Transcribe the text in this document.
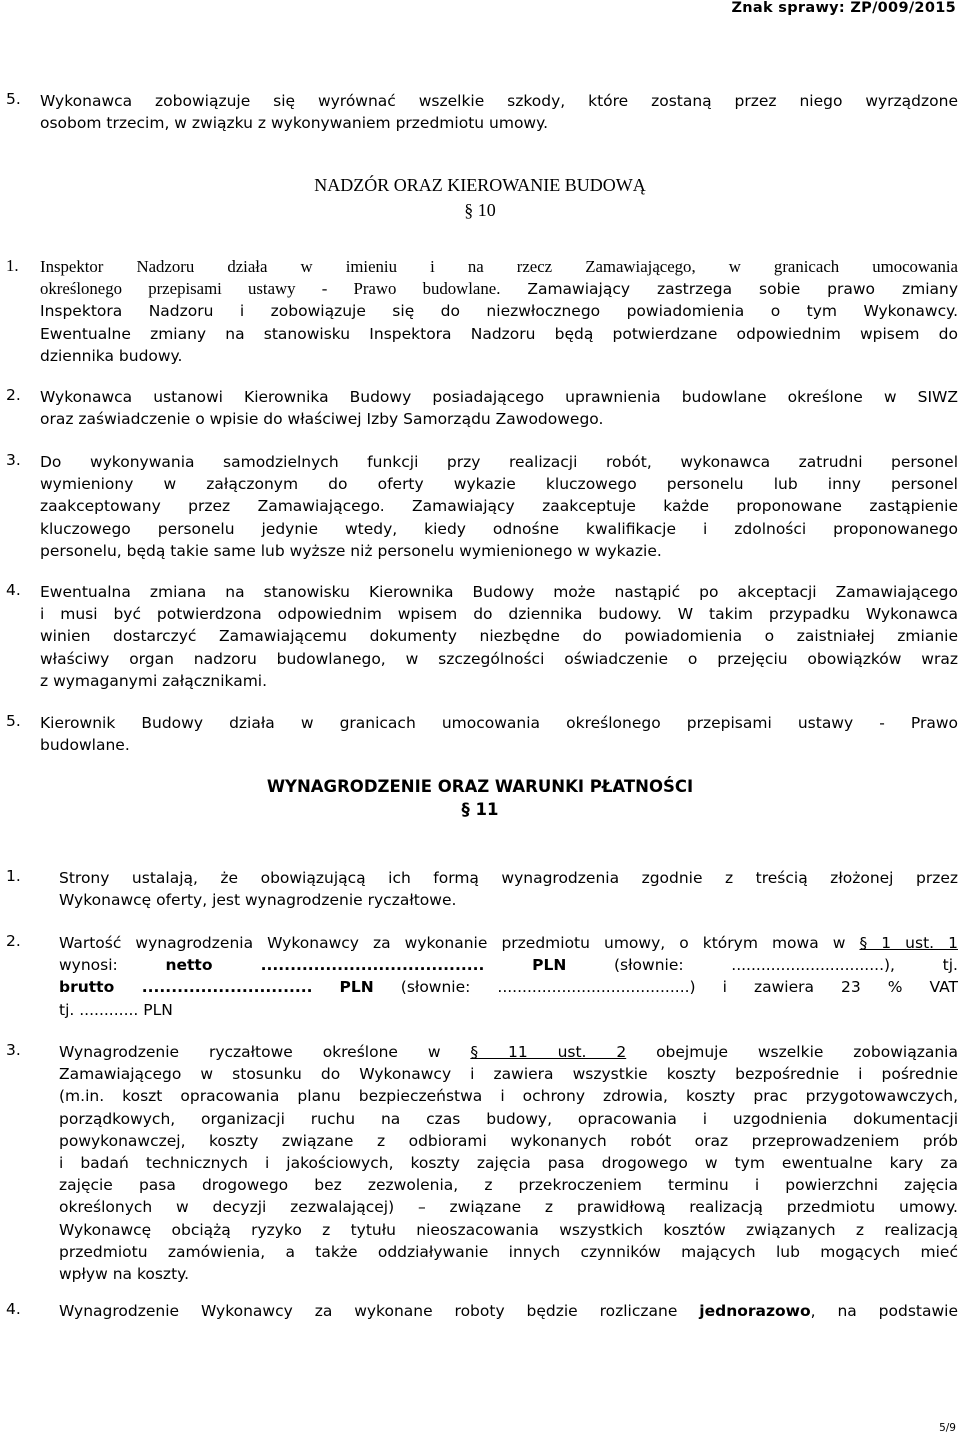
Znak sprawy: ZP/009/2015
5. Wykonawca zobowiązuje się wyrównać wszelkie szkody, które zostaną przez niego wyrządzone
osobom trzecim, w związku z wykonywaniem przedmiotu umowy.
NADZÓR ORAZ KIEROWANIE BUDOWĄ
§ 10
1. Inspektor Nadzoru działa w imieniu i na rzecz Zamawiającego, w granicach umocowania
określonego przepisami ustawy - Prawo budowlane. Zamawiający zastrzega sobie prawo zmiany
Inspektora Nadzoru i zobowiązuje się do niezwłocznego powiadomienia o tym Wykonawcy.
Ewentualne zmiany na stanowisku Inspektora Nadzoru będą potwierdzane odpowiednim wpisem do
dziennika budowy.
2. Wykonawca ustanowi Kierownika Budowy posiadającego uprawnienia budowlane określone w SIWZ
oraz zaświadczenie o wpisie do właściwej Izby Samorządu Zawodowego.
3. Do wykonywania samodzielnych funkcji przy realizacji robót, wykonawca zatrudni personel
wymieniony w załączonym do oferty wykazie kluczowego personelu lub inny personel
zaakceptowany przez Zamawiającego. Zamawiający zaakceptuje każde proponowane zastąpienie
kluczowego personelu jedynie wtedy, kiedy odnośne kwalifikacje i zdolności proponowanego
personelu, będą takie same lub wyższe niż personelu wymienionego w wykazie.
4. Ewentualna zmiana na stanowisku Kierownika Budowy może nastąpić po akceptacji Zamawiającego
i musi być potwierdzona odpowiednim wpisem do dziennika budowy. W takim przypadku Wykonawca
winien dostarczyć Zamawiającemu dokumenty niezbędne do powiadomienia o zaistniałej zmianie
właściwy organ nadzoru budowlanego, w szczególności oświadczenie o przejęciu obowiązków wraz
z wymaganymi załącznikami.
5. Kierownik Budowy działa w granicach umocowania określonego przepisami ustawy - Prawo
budowlane.
WYNAGRODZENIE ORAZ WARUNKI PŁATNOŚCI
§ 11
1. Strony ustalają, że obowiązującą ich formą wynagrodzenia zgodnie z treścią złożonej przez
Wykonawcę oferty, jest wynagrodzenie ryczałtowe.
2. Wartość wynagrodzenia Wykonawcy za wykonanie przedmiotu umowy, o którym mowa w § 1 ust. 1
wynosi: netto ......................................	PLN (słownie: ...............................), tj.
brutto ............................. PLN (słownie: .......................................) i zawiera 23 % VAT
tj. ............ PLN
3. Wynagrodzenie ryczałtowe określone w § 11 ust. 2 obejmuje wszelkie zobowiązania
Zamawiającego w stosunku do Wykonawcy i zawiera wszystkie koszty bezpośrednie i pośrednie
(m.in. koszt opracowania planu bezpieczeństwa i ochrony zdrowia, koszty prac przygotowawczych,
porządkowych, organizacji ruchu na czas budowy, opracowania i uzgodnienia dokumentacji
powykonawczej, koszty związane z odbiorami wykonanych robót oraz przeprowadzeniem prób
i badań technicznych i jakościowych, koszty zajęcia pasa drogowego w tym ewentualne kary za
zajęcie pasa drogowego bez zezwolenia, z przekroczeniem terminu i powierzchni zajęcia
określonych w decyzji zezwalającej) – związane z prawidłową realizacją przedmiotu umowy.
Wykonawcę obciążą ryzyko z tytułu nieoszacowania wszystkich kosztów związanych z realizacją
przedmiotu zamówienia, a także oddziaływanie innych czynników mających lub mogących mieć
wpływ na koszty.
4. Wynagrodzenie Wykonawcy za wykonane roboty będzie rozliczane jednorazowo, na podstawie
5/9
